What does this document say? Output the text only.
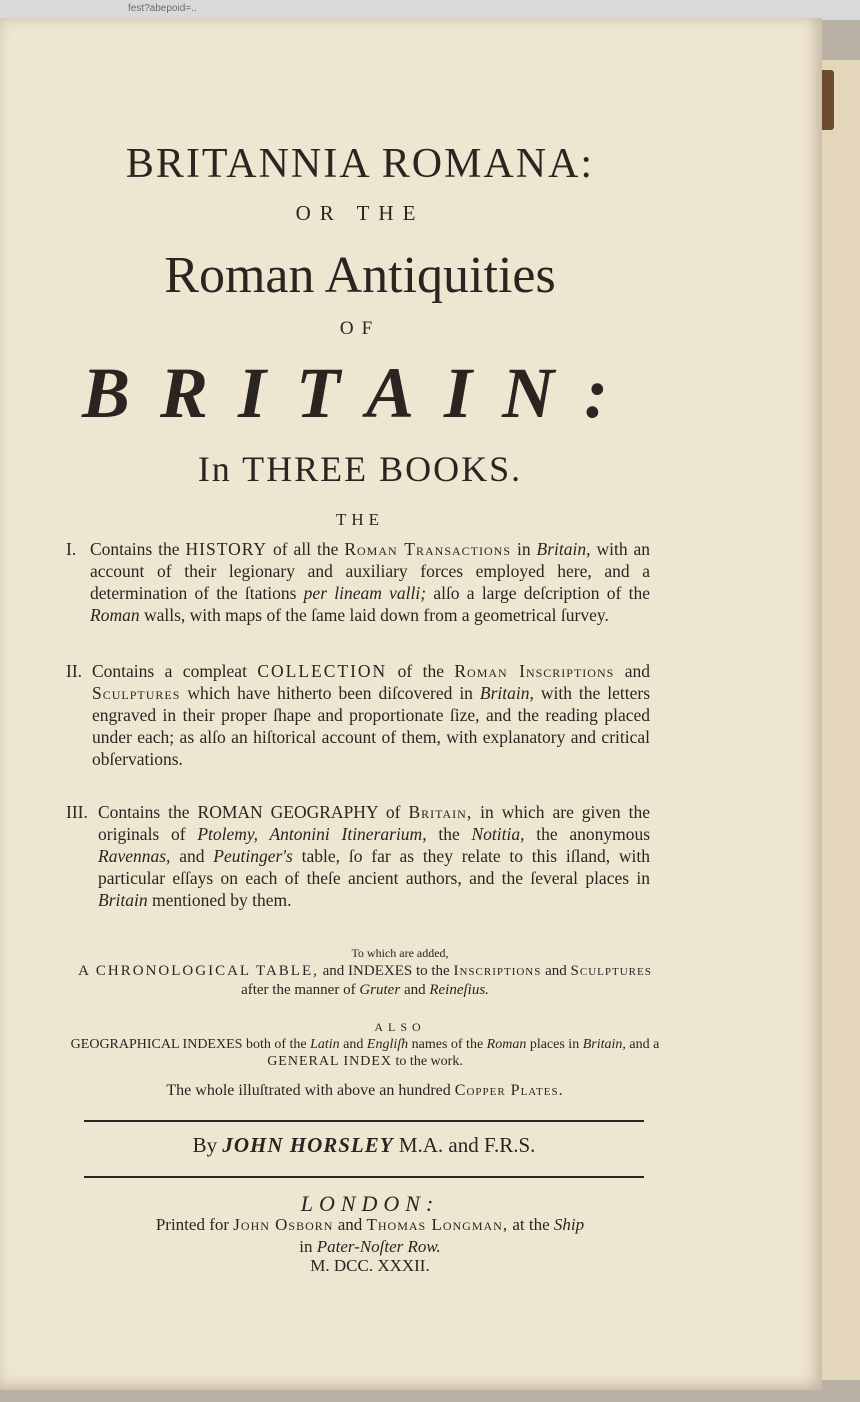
fest?abepoid=..
BRITANNIA ROMANA:
OR THE
Roman Antiquities
OF
BRITAIN:
In THREE BOOKS.
THE
I. Contains the HISTORY of all the Roman Transactions in Britain, with an account of their legionary and auxiliary forces employed here, and a determination of the ſtations per lineam valli; alſo a large deſcription of the Roman walls, with maps of the ſame laid down from a geometrical ſurvey.
II. Contains a compleat COLLECTION of the Roman Inscriptions and Sculptures which have hitherto been diſcovered in Britain, with the letters engraved in their proper ſhape and proportionate ſize, and the reading placed under each; as alſo an hiſtorical account of them, with explanatory and critical obſervations.
III. Contains the ROMAN GEOGRAPHY of Britain, in which are given the originals of Ptolemy, Antonini Itinerarium, the Notitia, the anonymous Ravennas, and Peutinger's table, ſo far as they relate to this iſland, with particular eſſays on each of theſe ancient authors, and the ſeveral places in Britain mentioned by them.
To which are added,
A CHRONOLOGICAL TABLE, and INDEXES to the Inscriptions and Sculptures after the manner of Gruter and Reineſius.
ALSO
GEOGRAPHICAL INDEXES both of the Latin and Engliſh names of the Roman places in Britain, and a GENERAL INDEX to the work.
The whole illuſtrated with above an hundred Copper Plates.
By JOHN HORSLEY M.A. and F.R.S.
LONDON:
Printed for John Osborn and Thomas Longman, at the Ship
in Pater-Noſter Row.
M. DCC. XXXII.
